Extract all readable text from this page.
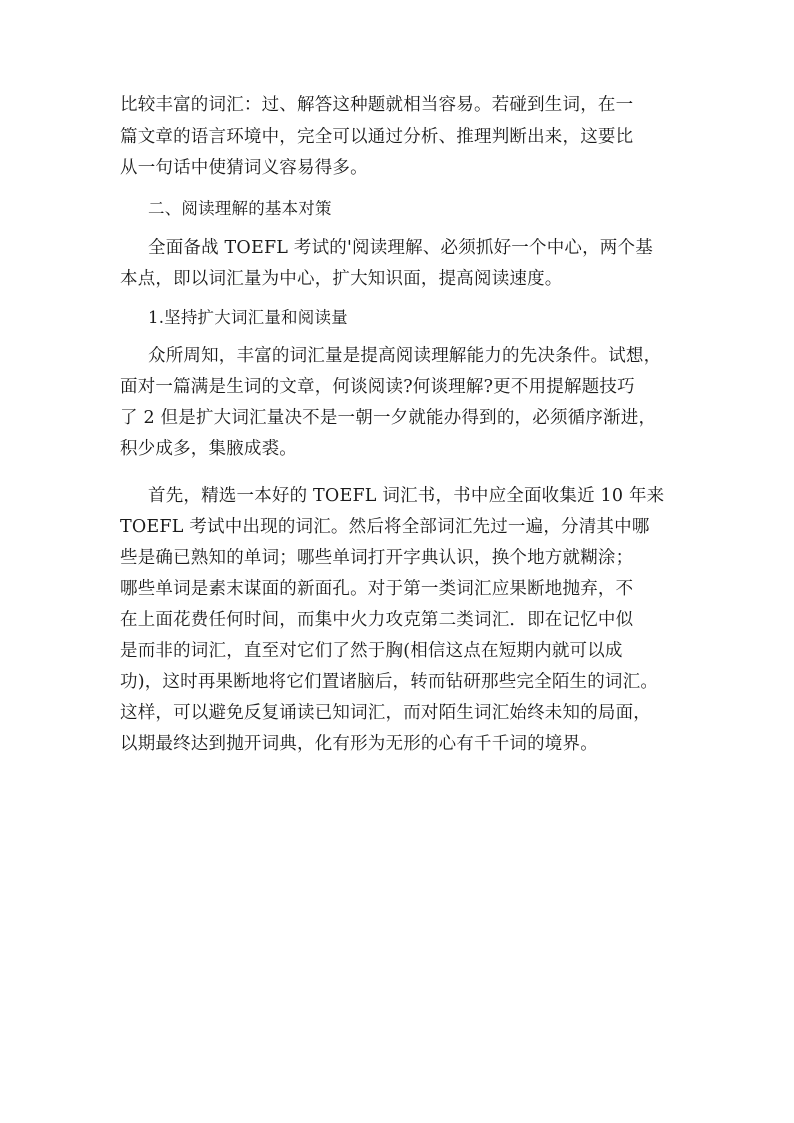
比较丰富的词汇：过、解答这种题就相当容易。若碰到生词，在一
篇文章的语言环境中，完全可以通过分析、推理判断出来，这要比
从一句话中使猜词义容易得多。
二、阅读理解的基本对策
全面备战 TOEFL 考试的'阅读理解、必须抓好一个中心，两个基
本点，即以词汇量为中心，扩大知识面，提高阅读速度。
1.坚持扩大词汇量和阅读量
众所周知，丰富的词汇量是提高阅读理解能力的先决条件。试想，
面对一篇满是生词的文章，何谈阅读?何谈理解?更不用提解题技巧
了 2 但是扩大词汇量决不是一朝一夕就能办得到的，必须循序渐进，
积少成多，集腋成裘。
首先，精选一本好的 TOEFL 词汇书，书中应全面收集近 10 年来
TOEFL 考试中出现的词汇。然后将全部词汇先过一遍，分清其中哪
些是确已熟知的单词；哪些单词打开字典认识，换个地方就糊涂；
哪些单词是素末谋面的新面孔。对于第一类词汇应果断地抛弃，不
在上面花费任何时间，而集中火力攻克第二类词汇．即在记忆中似
是而非的词汇，直至对它们了然于胸(相信这点在短期内就可以成
功)，这时再果断地将它们置诸脑后，转而钻研那些完全陌生的词汇。
这样，可以避免反复诵读已知词汇，而对陌生词汇始终未知的局面，
以期最终达到抛开词典，化有形为无形的心有千千词的境界。
